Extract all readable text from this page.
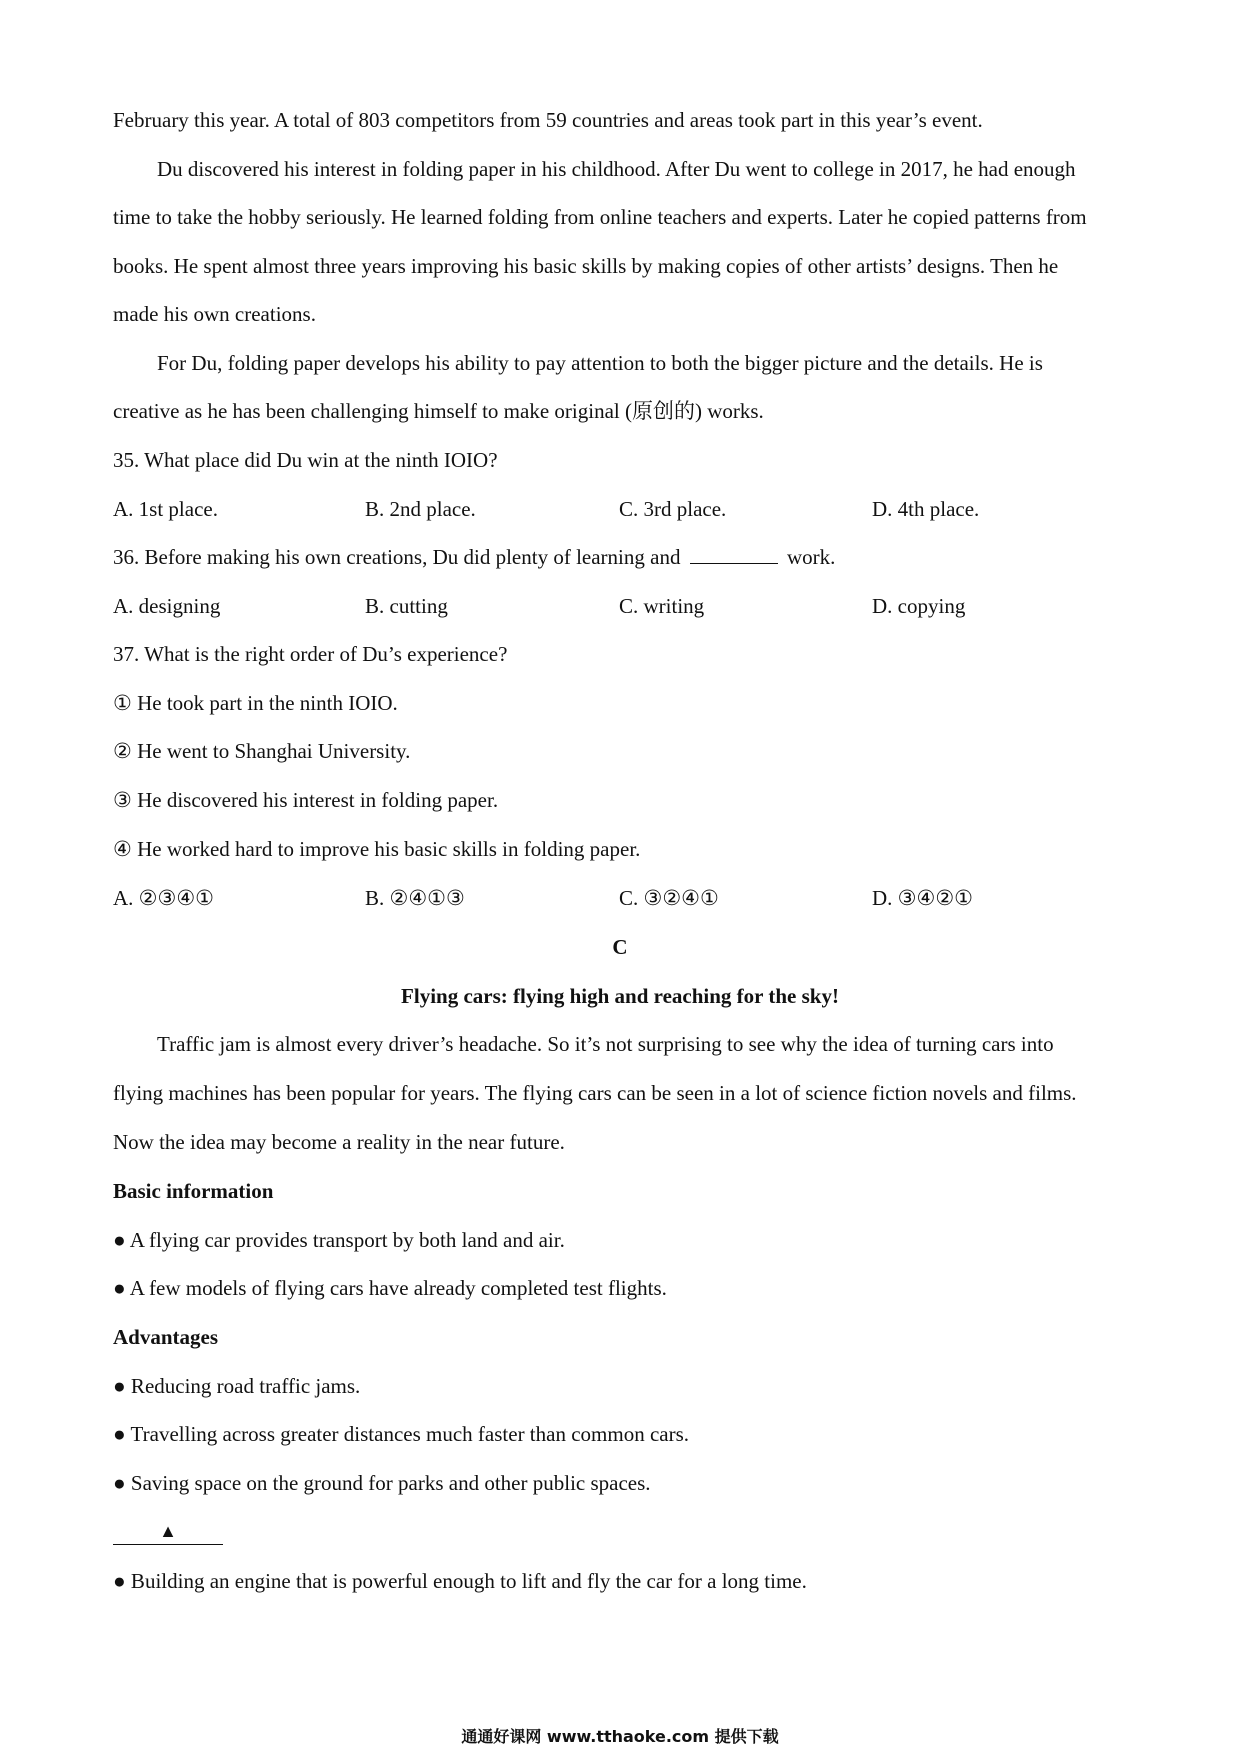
February this year. A total of 803 competitors from 59 countries and areas took part in this year’s event.
Du discovered his interest in folding paper in his childhood. After Du went to college in 2017, he had enough
time to take the hobby seriously. He learned folding from online teachers and experts. Later he copied patterns from
books. He spent almost three years improving his basic skills by making copies of other artists’ designs. Then he
made his own creations.
For Du, folding paper develops his ability to pay attention to both the bigger picture and the details. He is
creative as he has been challenging himself to make original (原创的) works.
35. What place did Du win at the ninth IOIO?
A. 1st place.	B. 2nd place.	C. 3rd place.	D. 4th place.
36. Before making his own creations, Du did plenty of learning and	work.
A. designing	B. cutting	C. writing	D. copying
37. What is the right order of Du’s experience?
① He took part in the ninth IOIO.
② He went to Shanghai University.
③ He discovered his interest in folding paper.
④ He worked hard to improve his basic skills in folding paper.
A. ②③④①	B. ②④①③	C. ③②④①	D. ③④②①
C
Flying cars: flying high and reaching for the sky!
Traffic jam is almost every driver’s headache. So it’s not surprising to see why the idea of turning cars into
flying machines has been popular for years. The flying cars can be seen in a lot of science fiction novels and films.
Now the idea may become a reality in the near future.
Basic information
● A flying car provides transport by both land and air.
● A few models of flying cars have already completed test flights.
Advantages
● Reducing road traffic jams.
● Travelling across greater distances much faster than common cars.
● Saving space on the ground for parks and other public spaces.
▲
● Building an engine that is powerful enough to lift and fly the car for a long time.
通通好课网 www.tthaoke.com 提供下载
